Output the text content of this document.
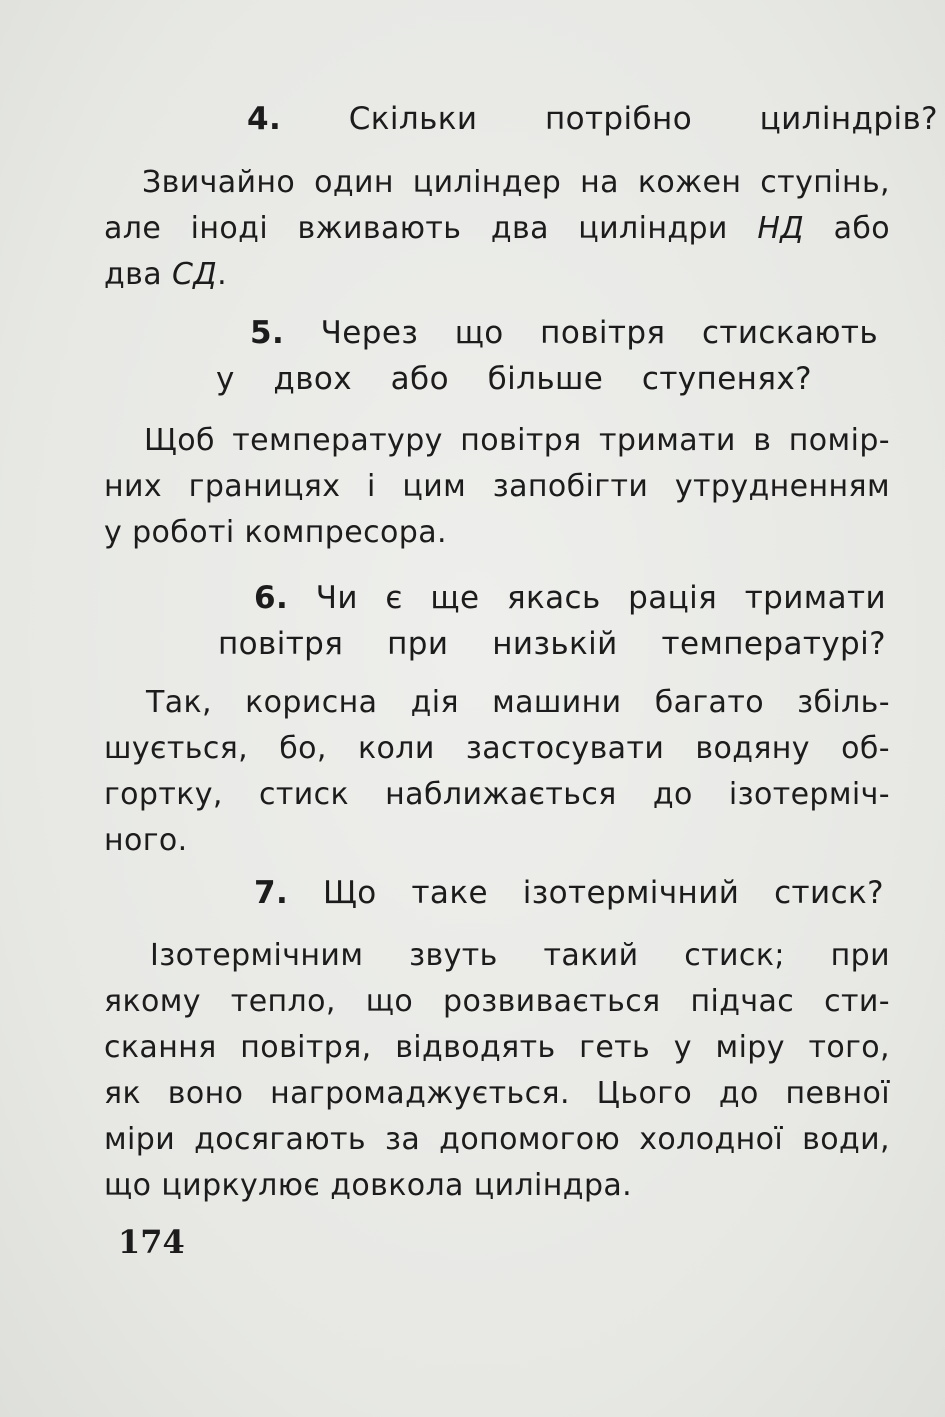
4. Скільки потрібно циліндрів?
Звичайно один циліндер на кожен ступінь,
але іноді вживають два циліндри НД або
два СД.
5. Через що повітря стискають
у двох або більше ступенях?
Щоб температуру повітря тримати в помір-
них границях і цим запобігти утрудненням
у роботі компресора.
6. Чи є ще якась рація тримати
повітря при низькій температурі?
Так, корисна дія машини багато збіль-
шується, бо, коли застосувати водяну об-
гортку, стиск наближається до ізотерміч-
ного.
7. Що таке ізотермічний стиск?
Ізотермічним звуть такий стиск; при
якому тепло, що розвивається підчас сти-
скання повітря, відводять геть у міру того,
як воно нагромаджується. Цього до певної
міри досягають за допомогою холодної води,
що циркулює довкола циліндра.
174
